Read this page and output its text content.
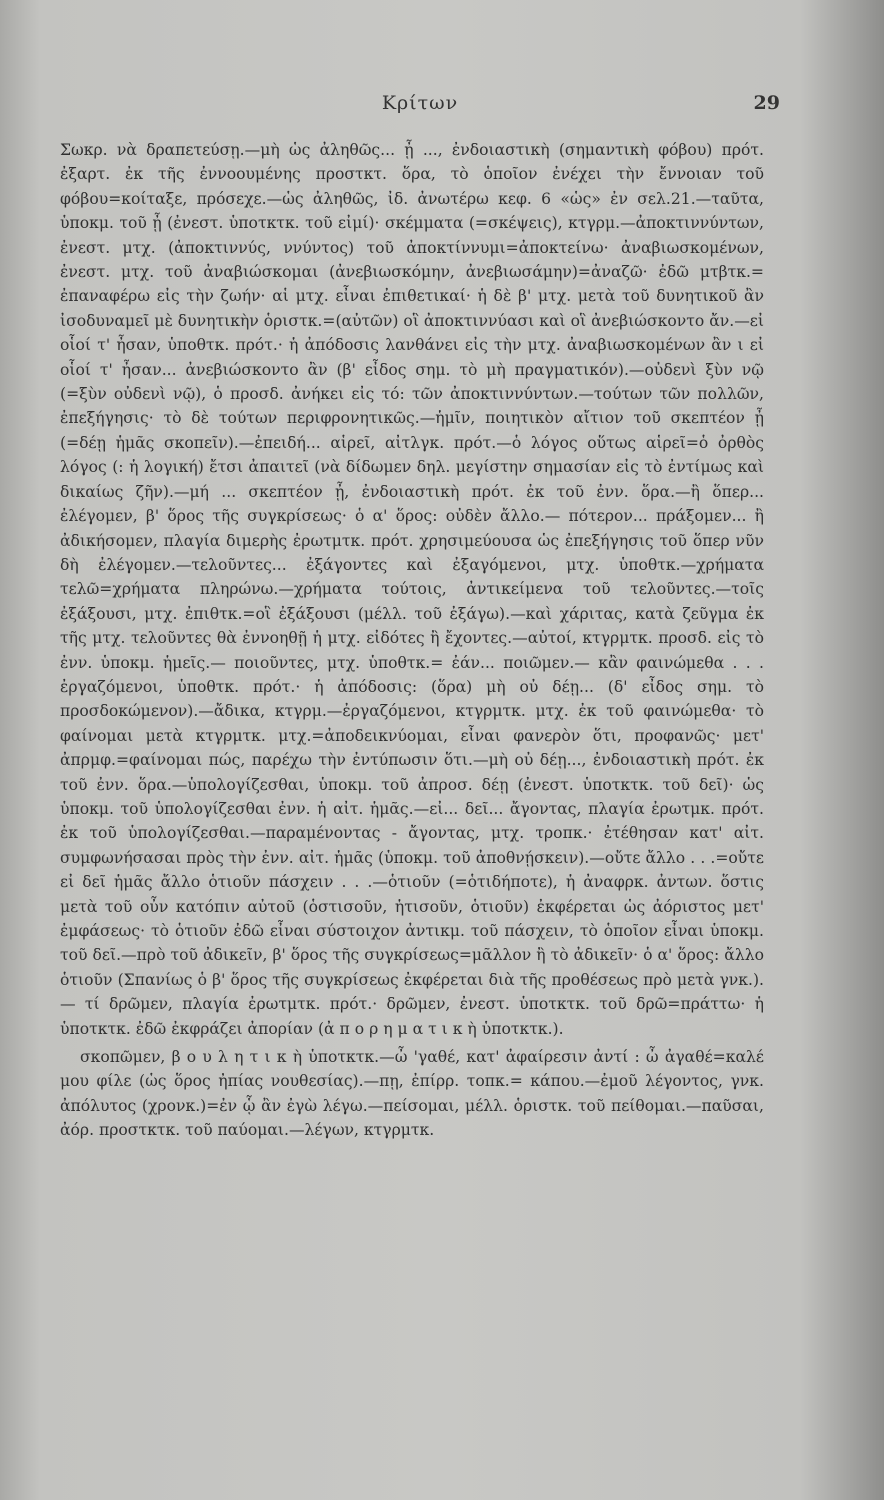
Κρίτων	29

Σωκρ. νὰ δραπετεύσῃ.—μὴ ὡς ἀληθῶς... ᾖ ..., ἐνδοιαστικὴ (σημαντικὴ φόβου) πρότ. ἐξαρτ. ἐκ τῆς ἐννοουμένης προστκτ. ὅρα, τὸ ὁποῖον ἐνέχει τὴν ἔννοιαν τοῦ φόβου=κοίταξε, πρόσεχε.—ὡς ἀληθῶς, ἰδ. ἀνωτέρω κεφ. 6 «ὡς» ἐν σελ.21.—ταῦτα, ὑποκμ. τοῦ ᾖ (ἐνεστ. ὑποτκτκ. τοῦ εἰμί)· σκέμματα (=σκέψεις), κτγρμ.—ἀποκτιννύντων, ἐνεστ. μτχ. (ἀποκτιννύς, ννύντος) τοῦ ἀποκτίννυμι=ἀποκτείνω· ἀναβιωσκομένων, ἐνεστ. μτχ. τοῦ ἀναβιώσκομαι (ἀνεβιωσκόμην, ἀνεβιωσάμην)=ἀναζῶ· ἐδῶ μτβτκ.= ἐπαναφέρω εἰς τὴν ζωήν· αἱ μτχ. εἶναι ἐπιθετικαί· ἡ δὲ β' μτχ. μετὰ τοῦ δυνητικοῦ ἂν ἰσοδυναμεῖ μὲ δυνητικὴν ὁριστκ.=(αὐτῶν) οἳ ἀποκτιννύασι καὶ οἳ ἀνεβιώσκοντο ἄν.—εἰ οἷοί τ' ἦσαν, ὑποθτκ. πρότ.· ἡ ἀπόδοσις λανθάνει εἰς τὴν μτχ. ἀναβιωσκομένων ἂν ι εἰ οἷοί τ' ἦσαν... ἀνεβιώσκοντο ἂν (β' εἶδος σημ. τὸ μὴ πραγματικόν).—οὐδενὶ ξὺν νῷ (=ξὺν οὐδενὶ νῷ), ὁ προσδ. ἀνήκει εἰς τό: τῶν ἀποκτιννύντων.—τούτων τῶν πολλῶν, ἐπεξήγησις· τὸ δὲ τούτων περιφρονητικῶς.—ἡμῖν, ποιητικὸν αἴτιον τοῦ σκεπτέον ᾖ (=δέῃ ἡμᾶς σκοπεῖν).—ἐπειδή... αἱρεῖ, αἰτλγκ. πρότ.—ὁ λόγος οὕτως αἱρεῖ=ὁ ὀρθὸς λόγος (: ἡ λογική) ἔτσι ἀπαιτεῖ (νὰ δίδωμεν δηλ. μεγίστην σημασίαν εἰς τὸ ἐντίμως καὶ δικαίως ζῆν).—μή ... σκεπτέον ᾖ, ἐνδοιαστικὴ πρότ. ἐκ τοῦ ἐνν. ὅρα.—ἢ ὅπερ... ἐλέγομεν, β' ὅρος τῆς συγκρίσεως· ὁ α' ὅρος: οὐδὲν ἄλλο.— πότερον... πράξομεν... ἢ ἀδικήσομεν, πλαγία διμερὴς ἐρωτμτκ. πρότ. χρησιμεύουσα ὡς ἐπεξήγησις τοῦ ὅπερ νῦν δὴ ἐλέγομεν.—τελοῦντες... ἐξάγοντες καὶ ἐξαγόμενοι, μτχ. ὑποθτκ.—χρήματα τελῶ=χρήματα πληρώνω.—χρήματα τούτοις, ἀντικείμενα τοῦ τελοῦντες.—τοῖς ἐξάξουσι, μτχ. ἐπιθτκ.=οἳ ἐξάξουσι (μέλλ. τοῦ ἐξάγω).—καὶ χάριτας, κατὰ ζεῦγμα ἐκ τῆς μτχ. τελοῦντες θὰ ἐννοηθῇ ἡ μτχ. εἰδότες ἢ ἔχοντες.—αὐτοί, κτγρμτκ. προσδ. εἰς τὸ ἐνν. ὑποκμ. ἡμεῖς.— ποιοῦντες, μτχ. ὑποθτκ.= ἐάν... ποιῶμεν.— κἂν φαινώμεθα . . . ἐργαζόμενοι, ὑποθτκ. πρότ.· ἡ ἀπόδοσις: (ὅρα) μὴ οὐ δέῃ... (δ' εἶδος σημ. τὸ προσδοκώμενον).—ἄδικα, κτγρμ.—ἐργαζόμενοι, κτγρμτκ. μτχ. ἐκ τοῦ φαινώμεθα· τὸ φαίνομαι μετὰ κτγρμτκ. μτχ.=ἀποδεικνύομαι, εἶναι φανερὸν ὅτι, προφανῶς· μετ' ἀπρμφ.=φαίνομαι πώς, παρέχω τὴν ἐντύπωσιν ὅτι.—μὴ οὐ δέῃ..., ἐνδοιαστικὴ πρότ. ἐκ τοῦ ἐνν. ὅρα.—ὑπολογίζεσθαι, ὑποκμ. τοῦ ἀπροσ. δέῃ (ἐνεστ. ὑποτκτκ. τοῦ δεῖ)· ὡς ὑποκμ. τοῦ ὑπολογίζεσθαι ἐνν. ἡ αἰτ. ἡμᾶς.—εἰ... δεῖ... ἄγοντας, πλαγία ἐρωτμκ. πρότ. ἐκ τοῦ ὑπολογίζεσθαι.—παραμένοντας - ἄγοντας, μτχ. τροπκ.· ἐτέθησαν κατ' αἰτ. συμφωνήσασαι πρὸς τὴν ἐνν. αἰτ. ἡμᾶς (ὑποκμ. τοῦ ἀποθνῄσκειν).—οὔτε ἄλλο . . .=οὔτε εἰ δεῖ ἡμᾶς ἄλλο ὁτιοῦν πάσχειν . . .—ὁτιοῦν (=ὁτιδήποτε), ἡ ἀναφρκ. ἀντων. ὅστις μετὰ τοῦ οὖν κατόπιν αὐτοῦ (ὁστισοῦν, ἡτισοῦν, ὁτιοῦν) ἐκφέρεται ὡς ἀόριστος μετ' ἐμφάσεως· τὸ ὁτιοῦν ἐδῶ εἶναι σύστοιχον ἀντικμ. τοῦ πάσχειν, τὸ ὁποῖον εἶναι ὑποκμ. τοῦ δεῖ.—πρὸ τοῦ ἀδικεῖν, β' ὅρος τῆς συγκρίσεως=μᾶλλον ἢ τὸ ἀδικεῖν· ὁ α' ὅρος: ἄλλο ὁτιοῦν (Σπανίως ὁ β' ὅρος τῆς συγκρίσεως ἐκφέρεται διὰ τῆς προθέσεως πρὸ μετὰ γνκ.).— τί δρῶμεν, πλαγία ἐρωτμτκ. πρότ.· δρῶμεν, ἐνεστ. ὑποτκτκ. τοῦ δρῶ=πράττω· ἡ ὑποτκτκ. ἐδῶ ἐκφράζει ἀπορίαν (ἀ π ο ρ η μ α τ ι κ ὴ ὑποτκτκ.).

σκοπῶμεν, β ο υ λ η τ ι κ ὴ ὑποτκτκ.—ὦ 'γαθέ, κατ' ἀφαίρεσιν ἀντί : ὦ ἀγαθέ=καλέ μου φίλε (ὡς ὅρος ἠπίας νουθεσίας).—πῃ, ἐπίρρ. τοπκ.= κάπου.—ἐμοῦ λέγοντος, γνκ. ἀπόλυτος (χρονκ.)=ἐν ᾧ ἂν ἐγὼ λέγω.—πείσομαι, μέλλ. ὁριστκ. τοῦ πείθομαι.—παῦσαι, ἀόρ. προστκτκ. τοῦ παύομαι.—λέγων, κτγρμτκ.
